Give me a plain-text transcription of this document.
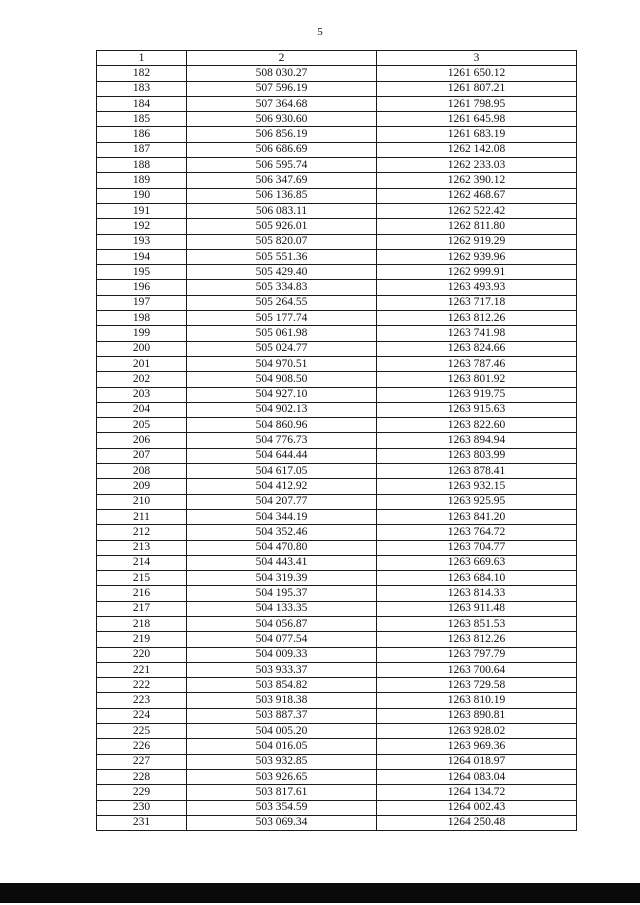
5
1	2	3
182	508 030.27	1261 650.12
183	507 596.19	1261 807.21
184	507 364.68	1261 798.95
185	506 930.60	1261 645.98
186	506 856.19	1261 683.19
187	506 686.69	1262 142.08
188	506 595.74	1262 233.03
189	506 347.69	1262 390.12
190	506 136.85	1262 468.67
191	506 083.11	1262 522.42
192	505 926.01	1262 811.80
193	505 820.07	1262 919.29
194	505 551.36	1262 939.96
195	505 429.40	1262 999.91
196	505 334.83	1263 493.93
197	505 264.55	1263 717.18
198	505 177.74	1263 812.26
199	505 061.98	1263 741.98
200	505 024.77	1263 824.66
201	504 970.51	1263 787.46
202	504 908.50	1263 801.92
203	504 927.10	1263 919.75
204	504 902.13	1263 915.63
205	504 860.96	1263 822.60
206	504 776.73	1263 894.94
207	504 644.44	1263 803.99
208	504 617.05	1263 878.41
209	504 412.92	1263 932.15
210	504 207.77	1263 925.95
211	504 344.19	1263 841.20
212	504 352.46	1263 764.72
213	504 470.80	1263 704.77
214	504 443.41	1263 669.63
215	504 319.39	1263 684.10
216	504 195.37	1263 814.33
217	504 133.35	1263 911.48
218	504 056.87	1263 851.53
219	504 077.54	1263 812.26
220	504 009.33	1263 797.79
221	503 933.37	1263 700.64
222	503 854.82	1263 729.58
223	503 918.38	1263 810.19
224	503 887.37	1263 890.81
225	504 005.20	1263 928.02
226	504 016.05	1263 969.36
227	503 932.85	1264 018.97
228	503 926.65	1264 083.04
229	503 817.61	1264 134.72
230	503 354.59	1264 002.43
231	503 069.34	1264 250.48
